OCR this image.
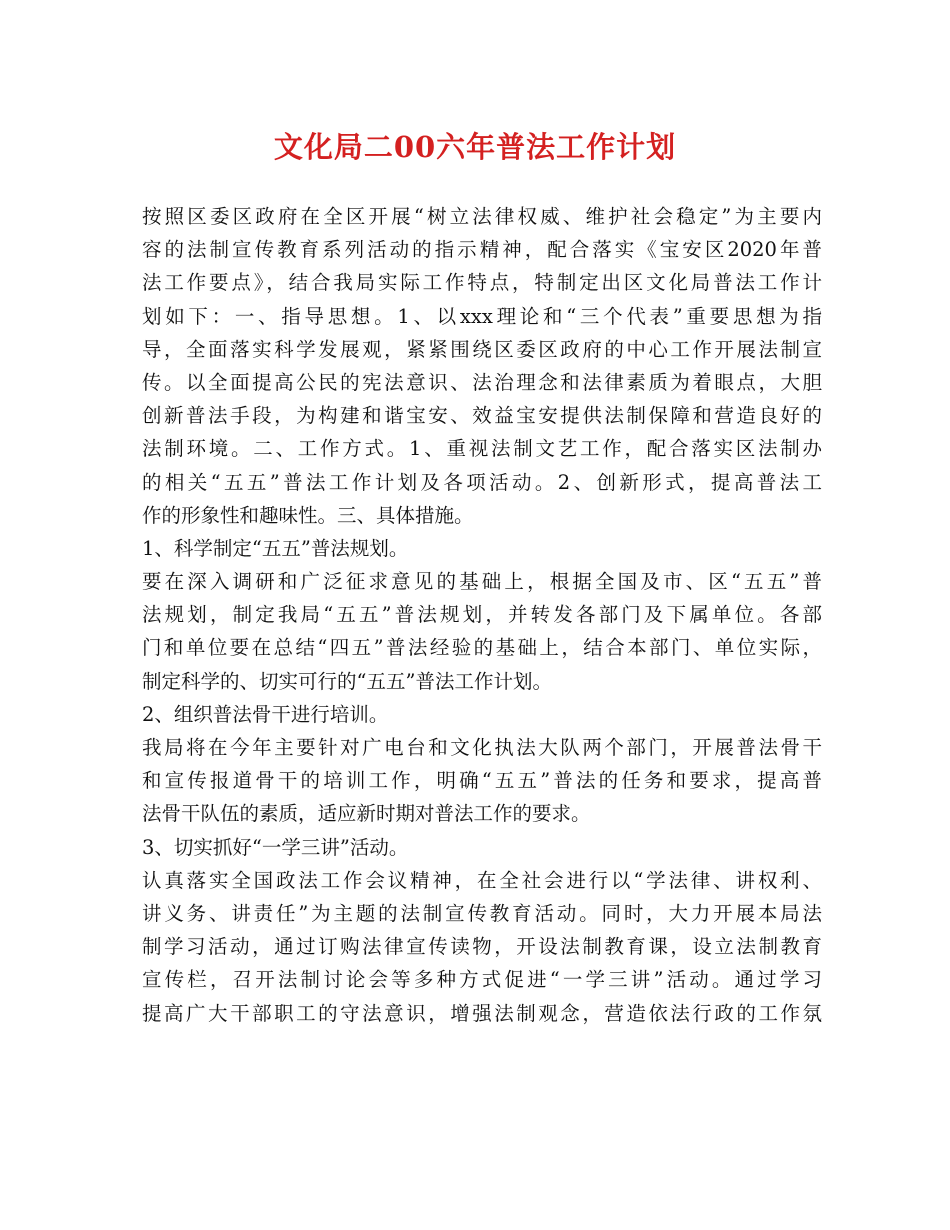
文化局二00六年普法工作计划
按照区委区政府在全区开展“树立法律权威、维护社会稳定”为主要内
容的法制宣传教育系列活动的指示精神，配合落实《宝安区2020年普
法工作要点》，结合我局实际工作特点，特制定出区文化局普法工作计
划如下：一、指导思想。1、以xxx理论和“三个代表”重要思想为指
导，全面落实科学发展观，紧紧围绕区委区政府的中心工作开展法制宣
传。以全面提高公民的宪法意识、法治理念和法律素质为着眼点，大胆
创新普法手段，为构建和谐宝安、效益宝安提供法制保障和营造良好的
法制环境。二、工作方式。1、重视法制文艺工作，配合落实区法制办
的相关“五五”普法工作计划及各项活动。2、创新形式，提高普法工
作的形象性和趣味性。三、具体措施。
1、科学制定“五五”普法规划。
要在深入调研和广泛征求意见的基础上，根据全国及市、区“五五”普
法规划，制定我局“五五”普法规划，并转发各部门及下属单位。各部
门和单位要在总结“四五”普法经验的基础上，结合本部门、单位实际，
制定科学的、切实可行的“五五”普法工作计划。
2、组织普法骨干进行培训。
我局将在今年主要针对广电台和文化执法大队两个部门，开展普法骨干
和宣传报道骨干的培训工作，明确“五五”普法的任务和要求，提高普
法骨干队伍的素质，适应新时期对普法工作的要求。
3、切实抓好“一学三讲”活动。
认真落实全国政法工作会议精神，在全社会进行以“学法律、讲权利、
讲义务、讲责任”为主题的法制宣传教育活动。同时，大力开展本局法
制学习活动，通过订购法律宣传读物，开设法制教育课，设立法制教育
宣传栏，召开法制讨论会等多种方式促进“一学三讲”活动。通过学习
提高广大干部职工的守法意识，增强法制观念，营造依法行政的工作氛
